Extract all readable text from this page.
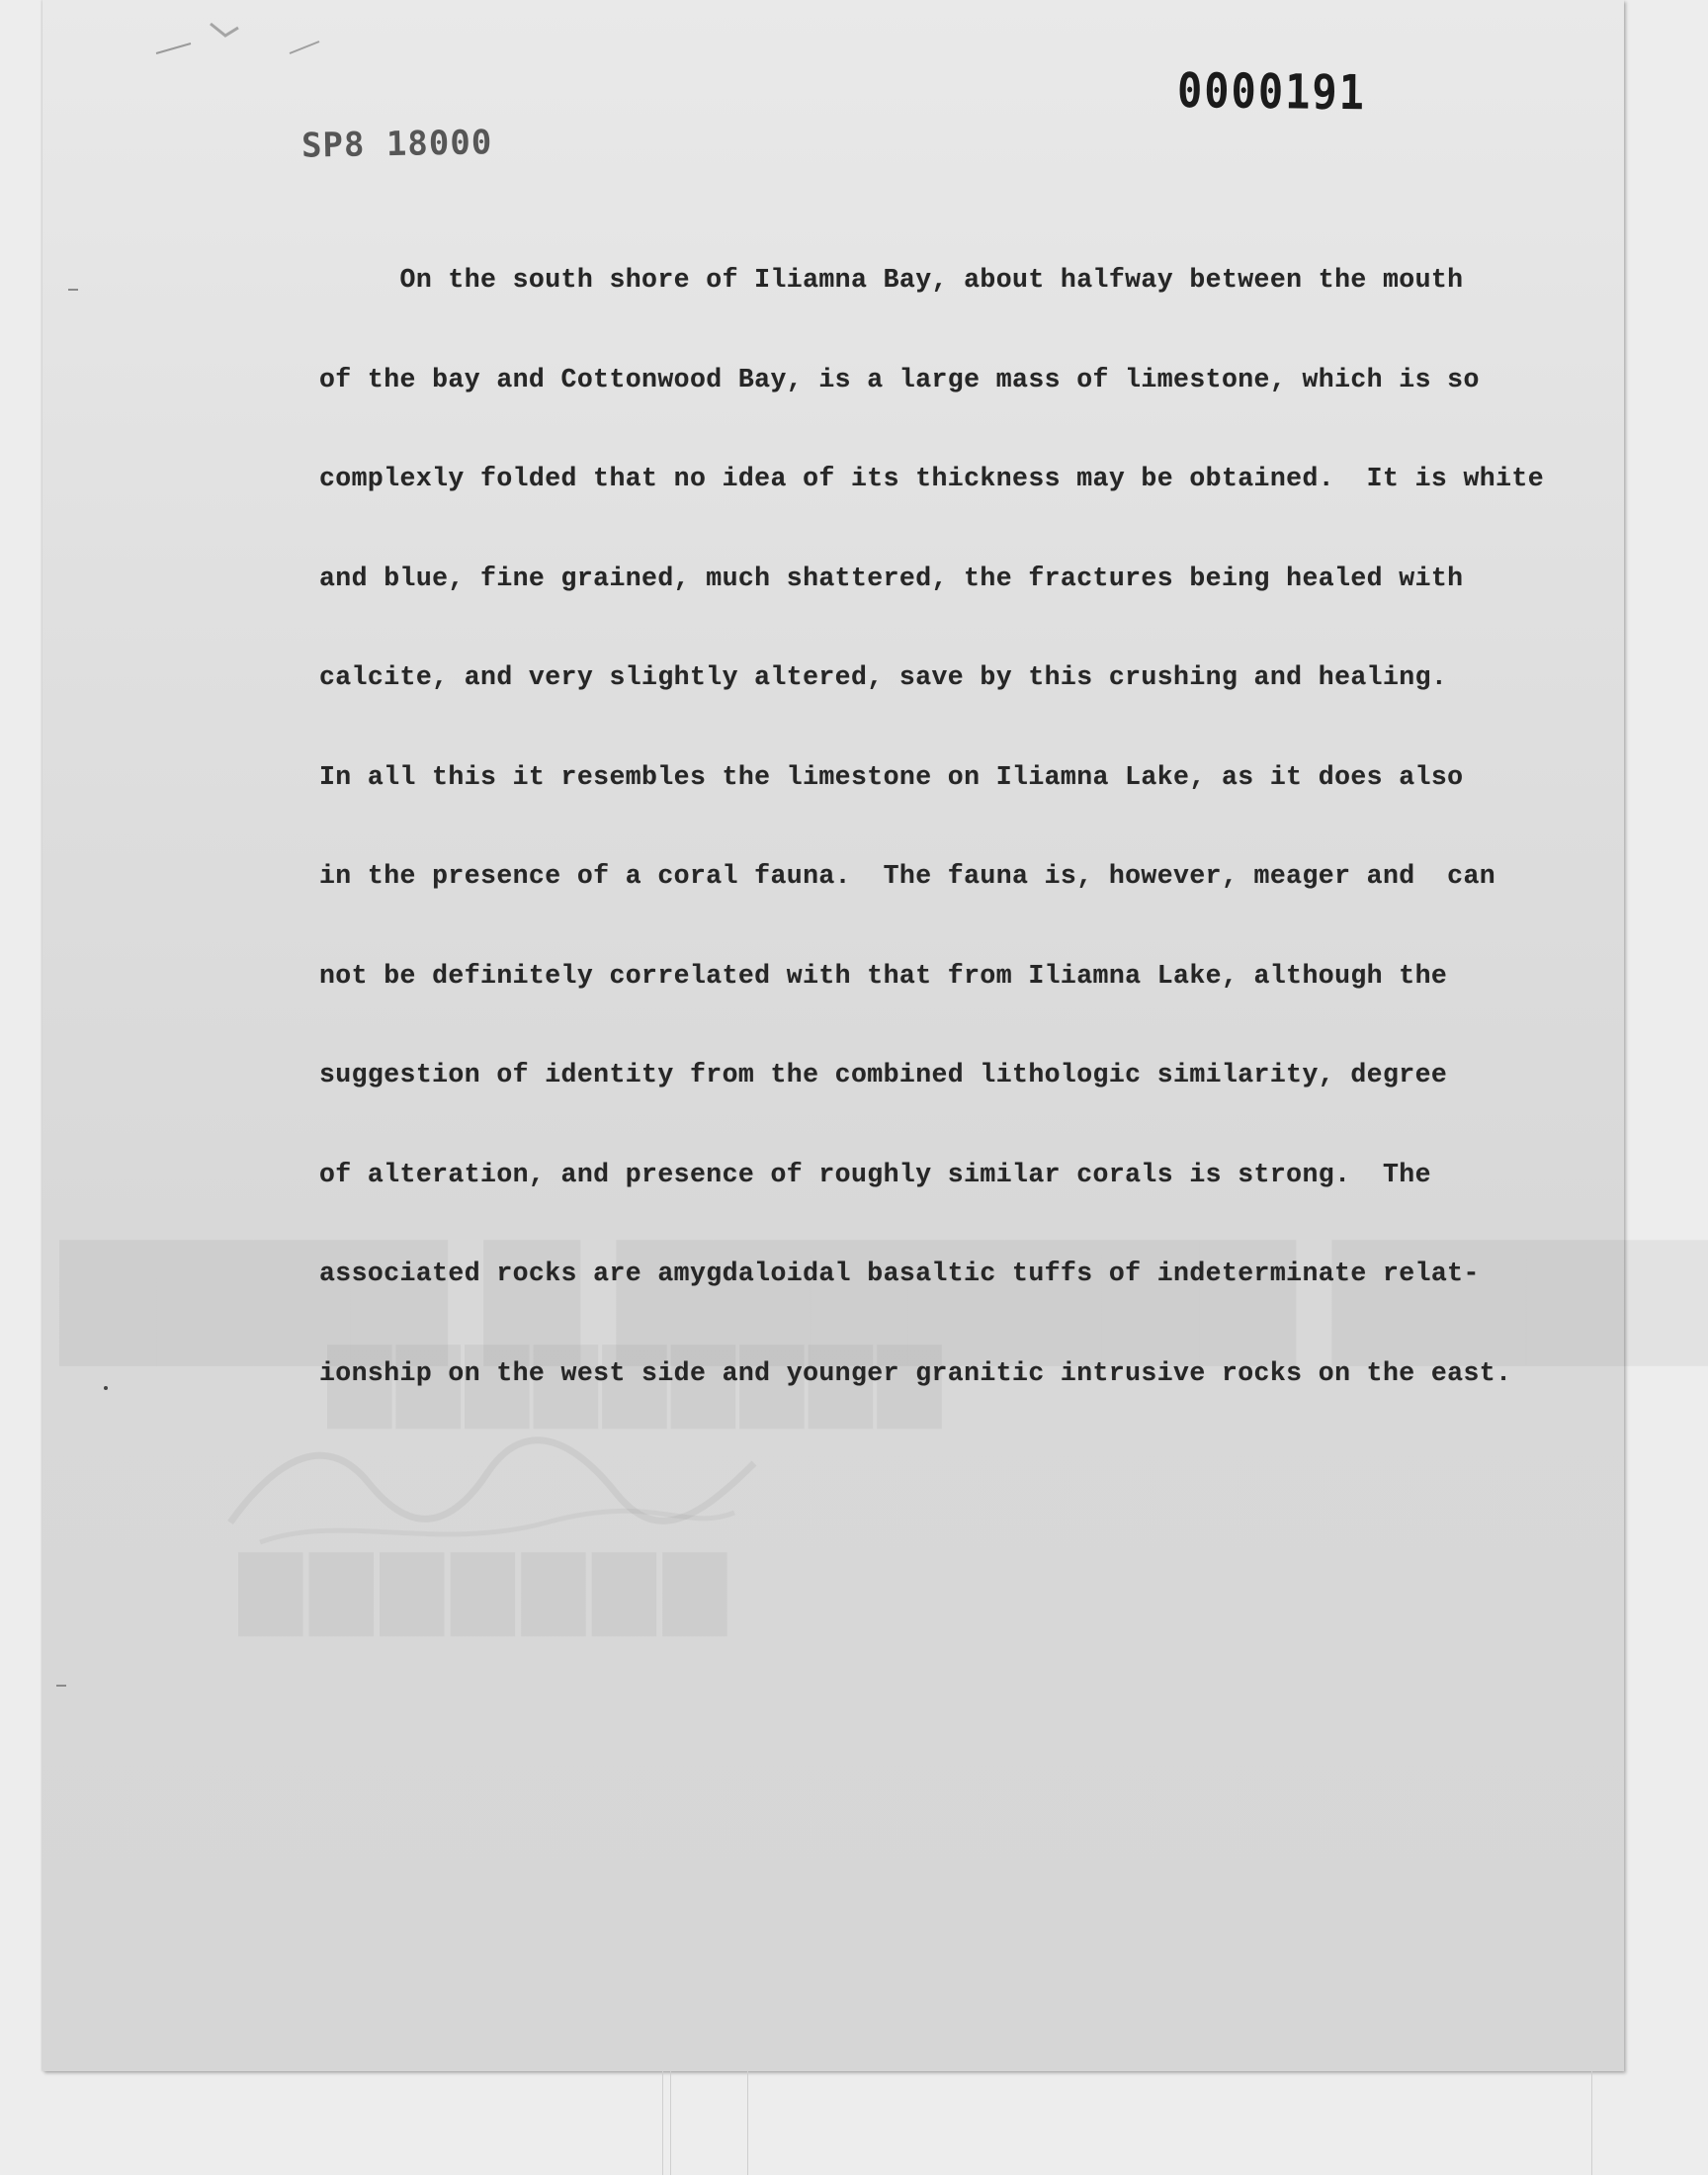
0000191
SP8 18000

On the south shore of Iliamna Bay, about halfway between the mouth

of the bay and Cottonwood Bay, is a large mass of limestone, which is so

complexly folded that no idea of its thickness may be obtained.  It is white

and blue, fine grained, much shattered, the fractures being healed with

calcite, and very slightly altered, save by this crushing and healing.

In all this it resembles the limestone on Iliamna Lake, as it does also

in the presence of a coral fauna.  The fauna is, however, meager and  can

not be definitely correlated with that from Iliamna Lake, although the

suggestion of identity from the combined lithologic similarity, degree

of alteration, and presence of roughly similar corals is strong.  The

associated rocks are amygdaloidal basaltic tuffs of indeterminate relat-

ionship on the west side and younger granitic intrusive rocks on the east.
